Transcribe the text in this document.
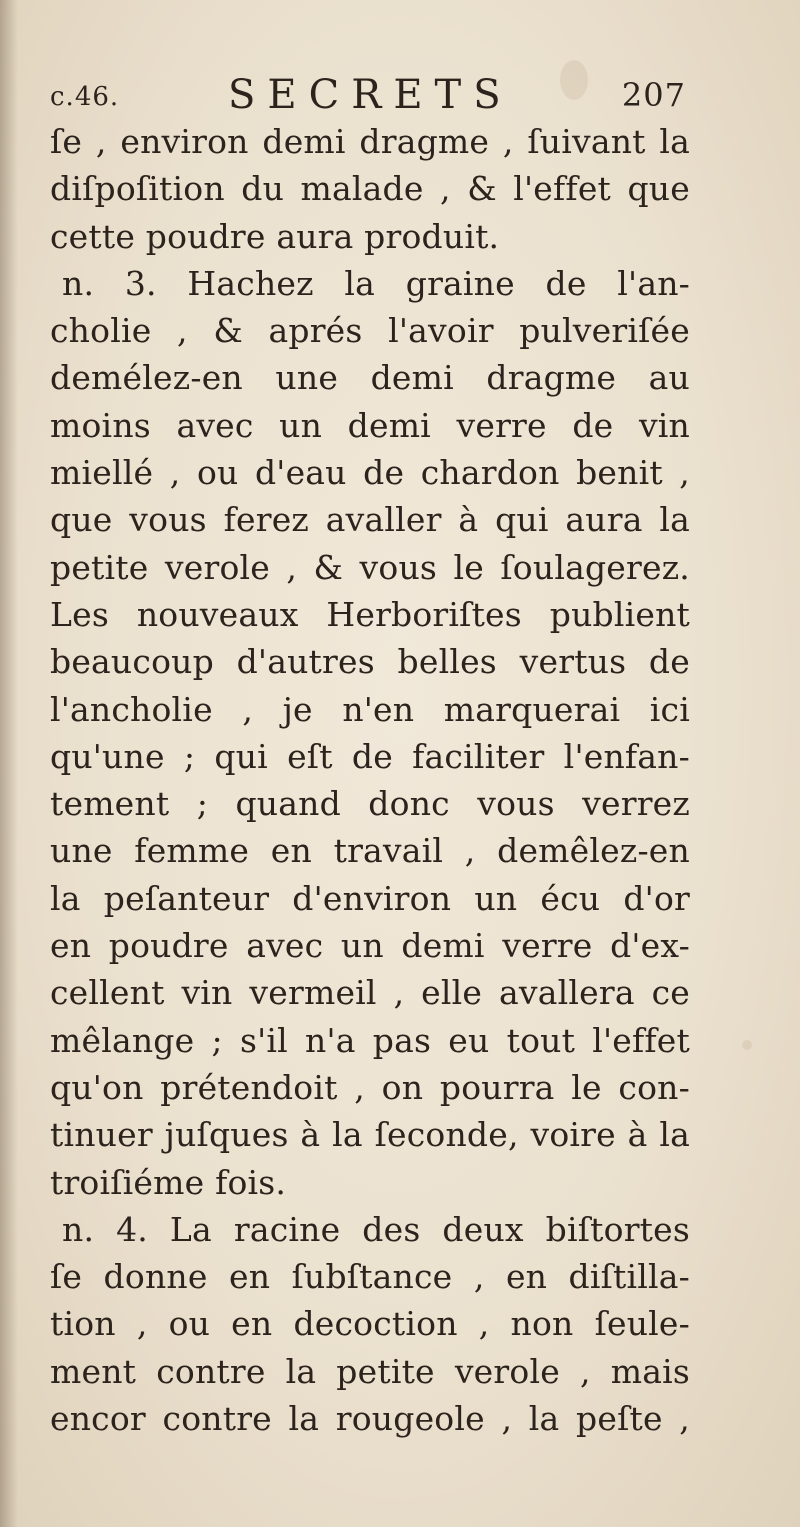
c.46.	SECRETS	207
ſe , environ demi dragme , ſuivant la
diſpoſition du malade , & l'effet que
cette poudre aura produit.
n. 3. Hachez la graine de l'an-
cholie , & aprés l'avoir pulveriſée
demélez-en une demi dragme au
moins avec un demi verre de vin
miellé , ou d'eau de chardon benit ,
que vous ferez avaller à qui aura la
petite verole , & vous le ſoulagerez.
Les nouveaux Herboriſtes publient
beaucoup d'autres belles vertus de
l'ancholie , je n'en marquerai ici
qu'une ; qui eſt de faciliter l'enfan-
tement ; quand donc vous verrez
une femme en travail , demêlez-en
la peſanteur d'environ un écu d'or
en poudre avec un demi verre d'ex-
cellent vin vermeil , elle avallera ce
mêlange ; s'il n'a pas eu tout l'effet
qu'on prétendoit , on pourra le con-
tinuer juſques à la ſeconde, voire à la
troiſiéme fois.
n. 4. La racine des deux biſtortes
ſe donne en ſubſtance , en diſtilla-
tion , ou en decoction , non ſeule-
ment contre la petite verole , mais
encor contre la rougeole , la peſte ,
